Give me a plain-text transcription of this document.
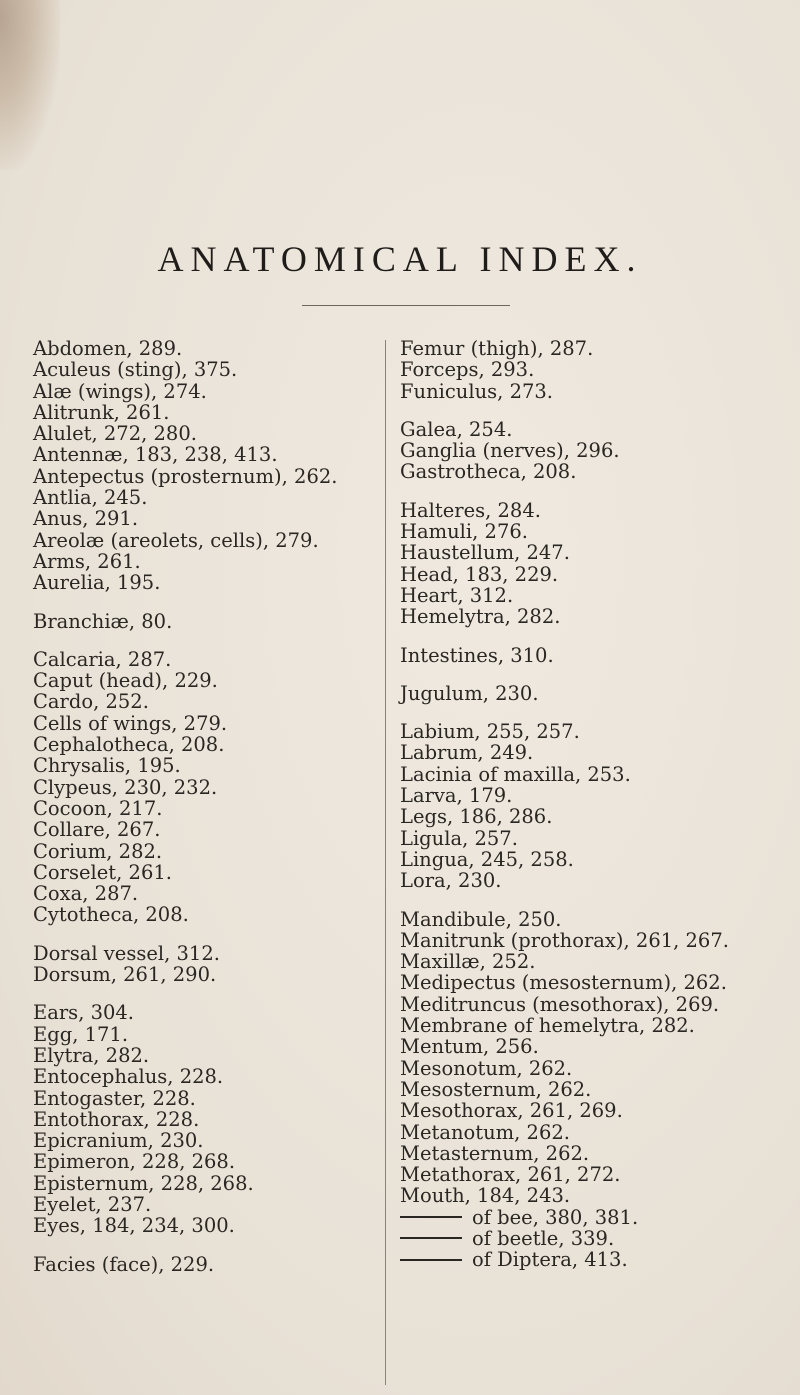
ANATOMICAL INDEX.
Abdomen, 289.
Aculeus (sting), 375.
Alæ (wings), 274.
Alitrunk, 261.
Alulet, 272, 280.
Antennæ, 183, 238, 413.
Antepectus (prosternum), 262.
Antlia, 245.
Anus, 291.
Areolæ (areolets, cells), 279.
Arms, 261.
Aurelia, 195.
Branchiæ, 80.
Calcaria, 287.
Caput (head), 229.
Cardo, 252.
Cells of wings, 279.
Cephalotheca, 208.
Chrysalis, 195.
Clypeus, 230, 232.
Cocoon, 217.
Collare, 267.
Corium, 282.
Corselet, 261.
Coxa, 287.
Cytotheca, 208.
Dorsal vessel, 312.
Dorsum, 261, 290.
Ears, 304.
Egg, 171.
Elytra, 282.
Entocephalus, 228.
Entogaster, 228.
Entothorax, 228.
Epicranium, 230.
Epimeron, 228, 268.
Episternum, 228, 268.
Eyelet, 237.
Eyes, 184, 234, 300.
Facies (face), 229.
Femur (thigh), 287.
Forceps, 293.
Funiculus, 273.
Galea, 254.
Ganglia (nerves), 296.
Gastrotheca, 208.
Halteres, 284.
Hamuli, 276.
Haustellum, 247.
Head, 183, 229.
Heart, 312.
Hemelytra, 282.
Intestines, 310.
Jugulum, 230.
Labium, 255, 257.
Labrum, 249.
Lacinia of maxilla, 253.
Larva, 179.
Legs, 186, 286.
Ligula, 257.
Lingua, 245, 258.
Lora, 230.
Mandibule, 250.
Manitrunk (prothorax), 261, 267.
Maxillæ, 252.
Medipectus (mesosternum), 262.
Meditruncus (mesothorax), 269.
Membrane of hemelytra, 282.
Mentum, 256.
Mesonotum, 262.
Mesosternum, 262.
Mesothorax, 261, 269.
Metanotum, 262.
Metasternum, 262.
Metathorax, 261, 272.
Mouth, 184, 243.
of bee, 380, 381.
of beetle, 339.
of Diptera, 413.
